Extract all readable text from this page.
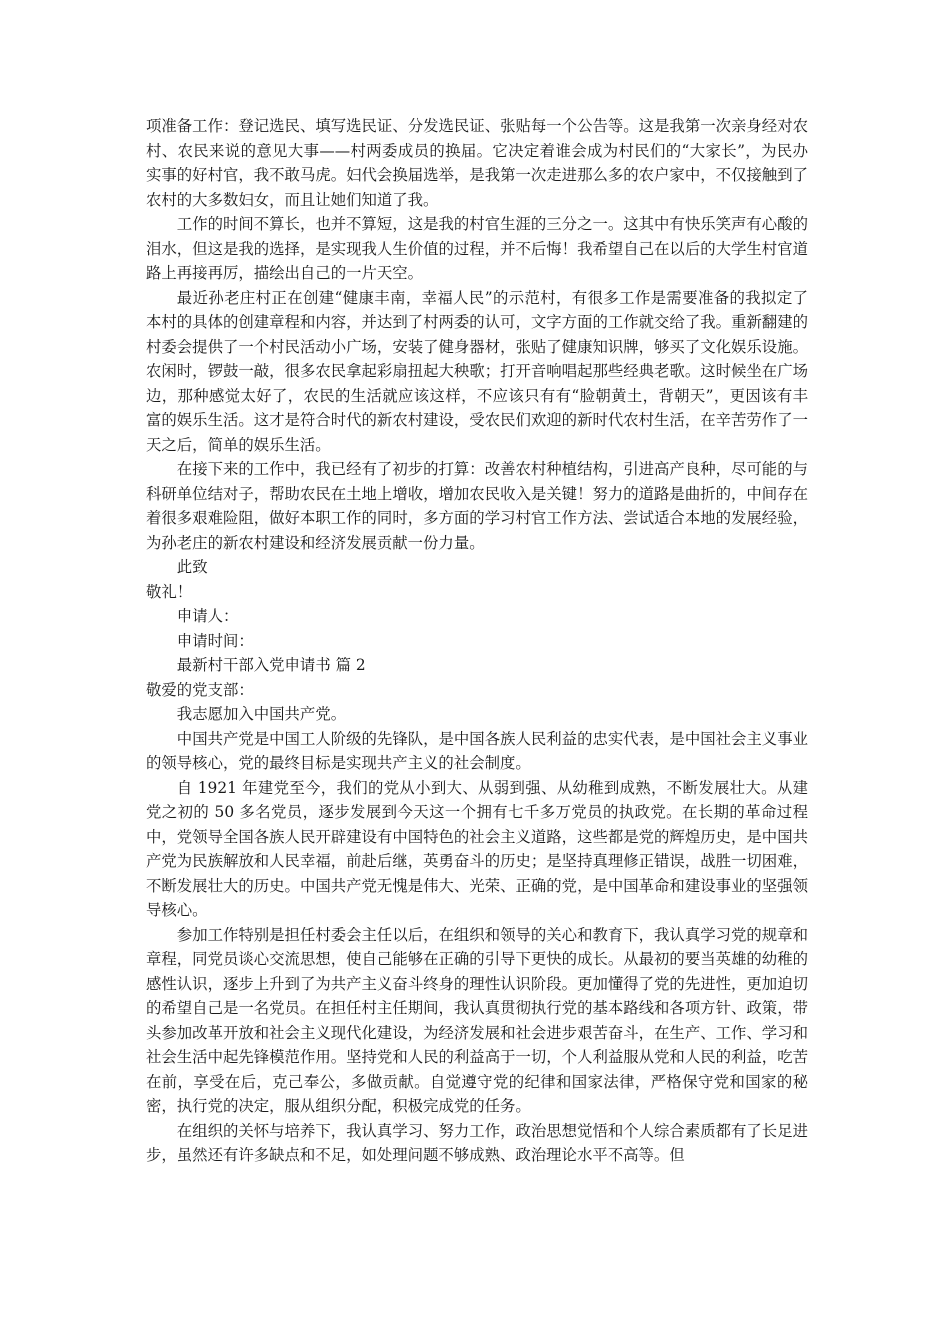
项准备工作：登记选民、填写选民证、分发选民证、张贴每一个公告等。这是我第一次亲身经对农村、农民来说的意见大事——村两委成员的换届。它决定着谁会成为村民们的“大家长”，为民办实事的好村官，我不敢马虎。妇代会换届选举，是我第一次走进那么多的农户家中，不仅接触到了农村的大多数妇女，而且让她们知道了我。

工作的时间不算长，也并不算短，这是我的村官生涯的三分之一。这其中有快乐笑声有心酸的泪水，但这是我的选择，是实现我人生价值的过程，并不后悔！我希望自己在以后的大学生村官道路上再接再厉，描绘出自己的一片天空。

最近孙老庄村正在创建“健康丰南，幸福人民”的示范村，有很多工作是需要准备的我拟定了本村的具体的创建章程和内容，并达到了村两委的认可，文字方面的工作就交给了我。重新翻建的村委会提供了一个村民活动小广场，安装了健身器材，张贴了健康知识牌，够买了文化娱乐设施。农闲时，锣鼓一敲，很多农民拿起彩扇扭起大秧歌；打开音响唱起那些经典老歌。这时候坐在广场边，那种感觉太好了，农民的生活就应该这样，不应该只有有“脸朝黄土，背朝天”，更因该有丰富的娱乐生活。这才是符合时代的新农村建设，受农民们欢迎的新时代农村生活，在辛苦劳作了一天之后，简单的娱乐生活。

在接下来的工作中，我已经有了初步的打算：改善农村种植结构，引进高产良种，尽可能的与科研单位结对子，帮助农民在土地上增收，增加农民收入是关键！努力的道路是曲折的，中间存在着很多艰难险阻，做好本职工作的同时，多方面的学习村官工作方法、尝试适合本地的发展经验，为孙老庄的新农村建设和经济发展贡献一份力量。

此致

敬礼！

申请人：

申请时间：

最新村干部入党申请书 篇 2

敬爱的党支部：

我志愿加入中国共产党。

中国共产党是中国工人阶级的先锋队，是中国各族人民利益的忠实代表，是中国社会主义事业的领导核心，党的最终目标是实现共产主义的社会制度。

自 1921 年建党至今，我们的党从小到大、从弱到强、从幼稚到成熟，不断发展壮大。从建党之初的 50 多名党员，逐步发展到今天这一个拥有七千多万党员的执政党。在长期的革命过程中，党领导全国各族人民开辟建设有中国特色的社会主义道路，这些都是党的辉煌历史，是中国共产党为民族解放和人民幸福，前赴后继，英勇奋斗的历史；是坚持真理修正错误，战胜一切困难，不断发展壮大的历史。中国共产党无愧是伟大、光荣、正确的党，是中国革命和建设事业的坚强领导核心。

参加工作特别是担任村委会主任以后，在组织和领导的关心和教育下，我认真学习党的规章和章程，同党员谈心交流思想，使自己能够在正确的引导下更快的成长。从最初的要当英雄的幼稚的感性认识，逐步上升到了为共产主义奋斗终身的理性认识阶段。更加懂得了党的先进性，更加迫切的希望自己是一名党员。在担任村主任期间，我认真贯彻执行党的基本路线和各项方针、政策，带头参加改革开放和社会主义现代化建设，为经济发展和社会进步艰苦奋斗，在生产、工作、学习和社会生活中起先锋模范作用。坚持党和人民的利益高于一切，个人利益服从党和人民的利益，吃苦在前，享受在后，克己奉公，多做贡献。自觉遵守党的纪律和国家法律，严格保守党和国家的秘密，执行党的决定，服从组织分配，积极完成党的任务。

在组织的关怀与培养下，我认真学习、努力工作，政治思想觉悟和个人综合素质都有了长足进步，虽然还有许多缺点和不足，如处理问题不够成熟、政治理论水平不高等。但
